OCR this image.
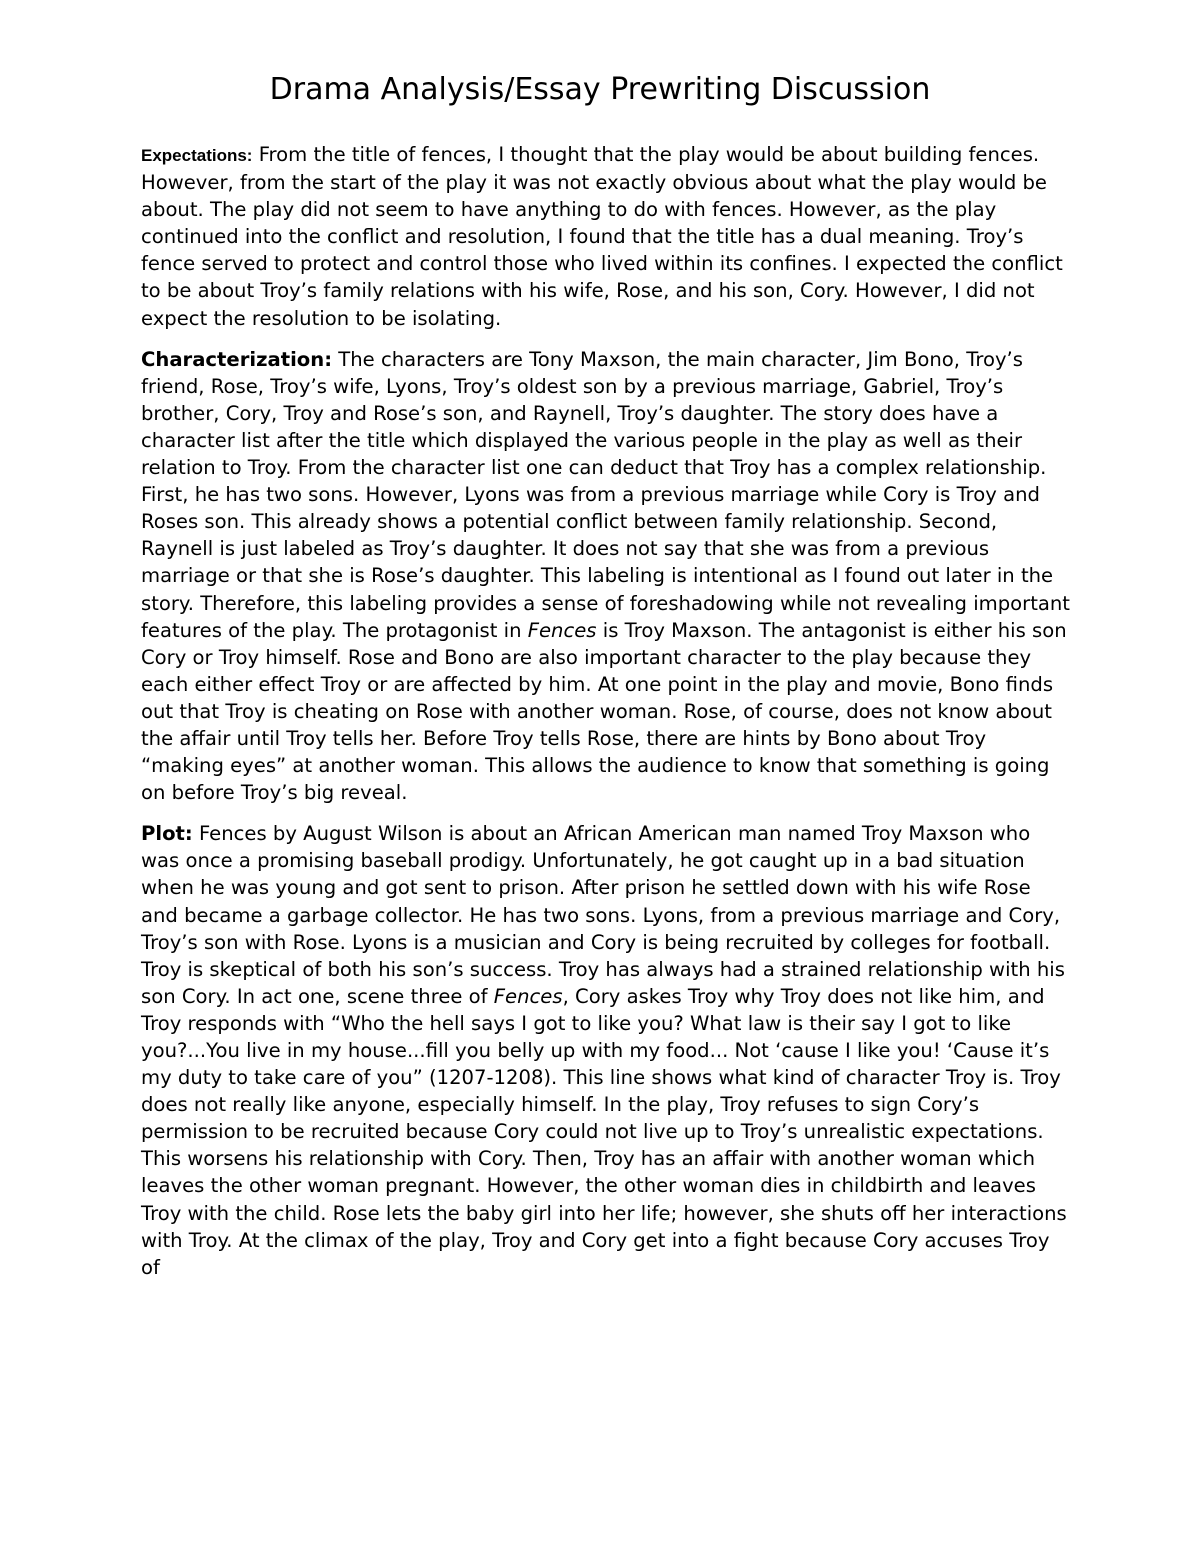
Drama Analysis/Essay Prewriting Discussion

Expectations: From the title of fences, I thought that the play would be about building fences. However, from the start of the play it was not exactly obvious about what the play would be about. The play did not seem to have anything to do with fences. However, as the play continued into the conflict and resolution, I found that the title has a dual meaning. Troy’s fence served to protect and control those who lived within its confines. I expected the conflict to be about Troy’s family relations with his wife, Rose, and his son, Cory. However, I did not expect the resolution to be isolating.

Characterization: The characters are Tony Maxson, the main character, Jim Bono, Troy’s friend, Rose, Troy’s wife, Lyons, Troy’s oldest son by a previous marriage, Gabriel, Troy’s brother, Cory, Troy and Rose’s son, and Raynell, Troy’s daughter. The story does have a character list after the title which displayed the various people in the play as well as their relation to Troy. From the character list one can deduct that Troy has a complex relationship. First, he has two sons. However, Lyons was from a previous marriage while Cory is Troy and Roses son. This already shows a potential conflict between family relationship. Second, Raynell is just labeled as Troy’s daughter. It does not say that she was from a previous marriage or that she is Rose’s daughter. This labeling is intentional as I found out later in the story. Therefore, this labeling provides a sense of foreshadowing while not revealing important features of the play. The protagonist in Fences is Troy Maxson. The antagonist is either his son Cory or Troy himself. Rose and Bono are also important character to the play because they each either effect Troy or are affected by him. At one point in the play and movie, Bono finds out that Troy is cheating on Rose with another woman. Rose, of course, does not know about the affair until Troy tells her. Before Troy tells Rose, there are hints by Bono about Troy “making eyes” at another woman. This allows the audience to know that something is going on before Troy’s big reveal.

Plot: Fences by August Wilson is about an African American man named Troy Maxson who was once a promising baseball prodigy. Unfortunately, he got caught up in a bad situation when he was young and got sent to prison. After prison he settled down with his wife Rose and became a garbage collector. He has two sons. Lyons, from a previous marriage and Cory, Troy’s son with Rose. Lyons is a musician and Cory is being recruited by colleges for football. Troy is skeptical of both his son’s success. Troy has always had a strained relationship with his son Cory. In act one, scene three of Fences, Cory askes Troy why Troy does not like him, and Troy responds with “Who the hell says I got to like you? What law is their say I got to like you?...You live in my house...fill you belly up with my food... Not ‘cause I like you! ‘Cause it’s my duty to take care of you” (1207-1208). This line shows what kind of character Troy is. Troy does not really like anyone, especially himself. In the play, Troy refuses to sign Cory’s permission to be recruited because Cory could not live up to Troy’s unrealistic expectations. This worsens his relationship with Cory. Then, Troy has an affair with another woman which leaves the other woman pregnant. However, the other woman dies in childbirth and leaves Troy with the child. Rose lets the baby girl into her life; however, she shuts off her interactions with Troy. At the climax of the play, Troy and Cory get into a fight because Cory accuses Troy of
